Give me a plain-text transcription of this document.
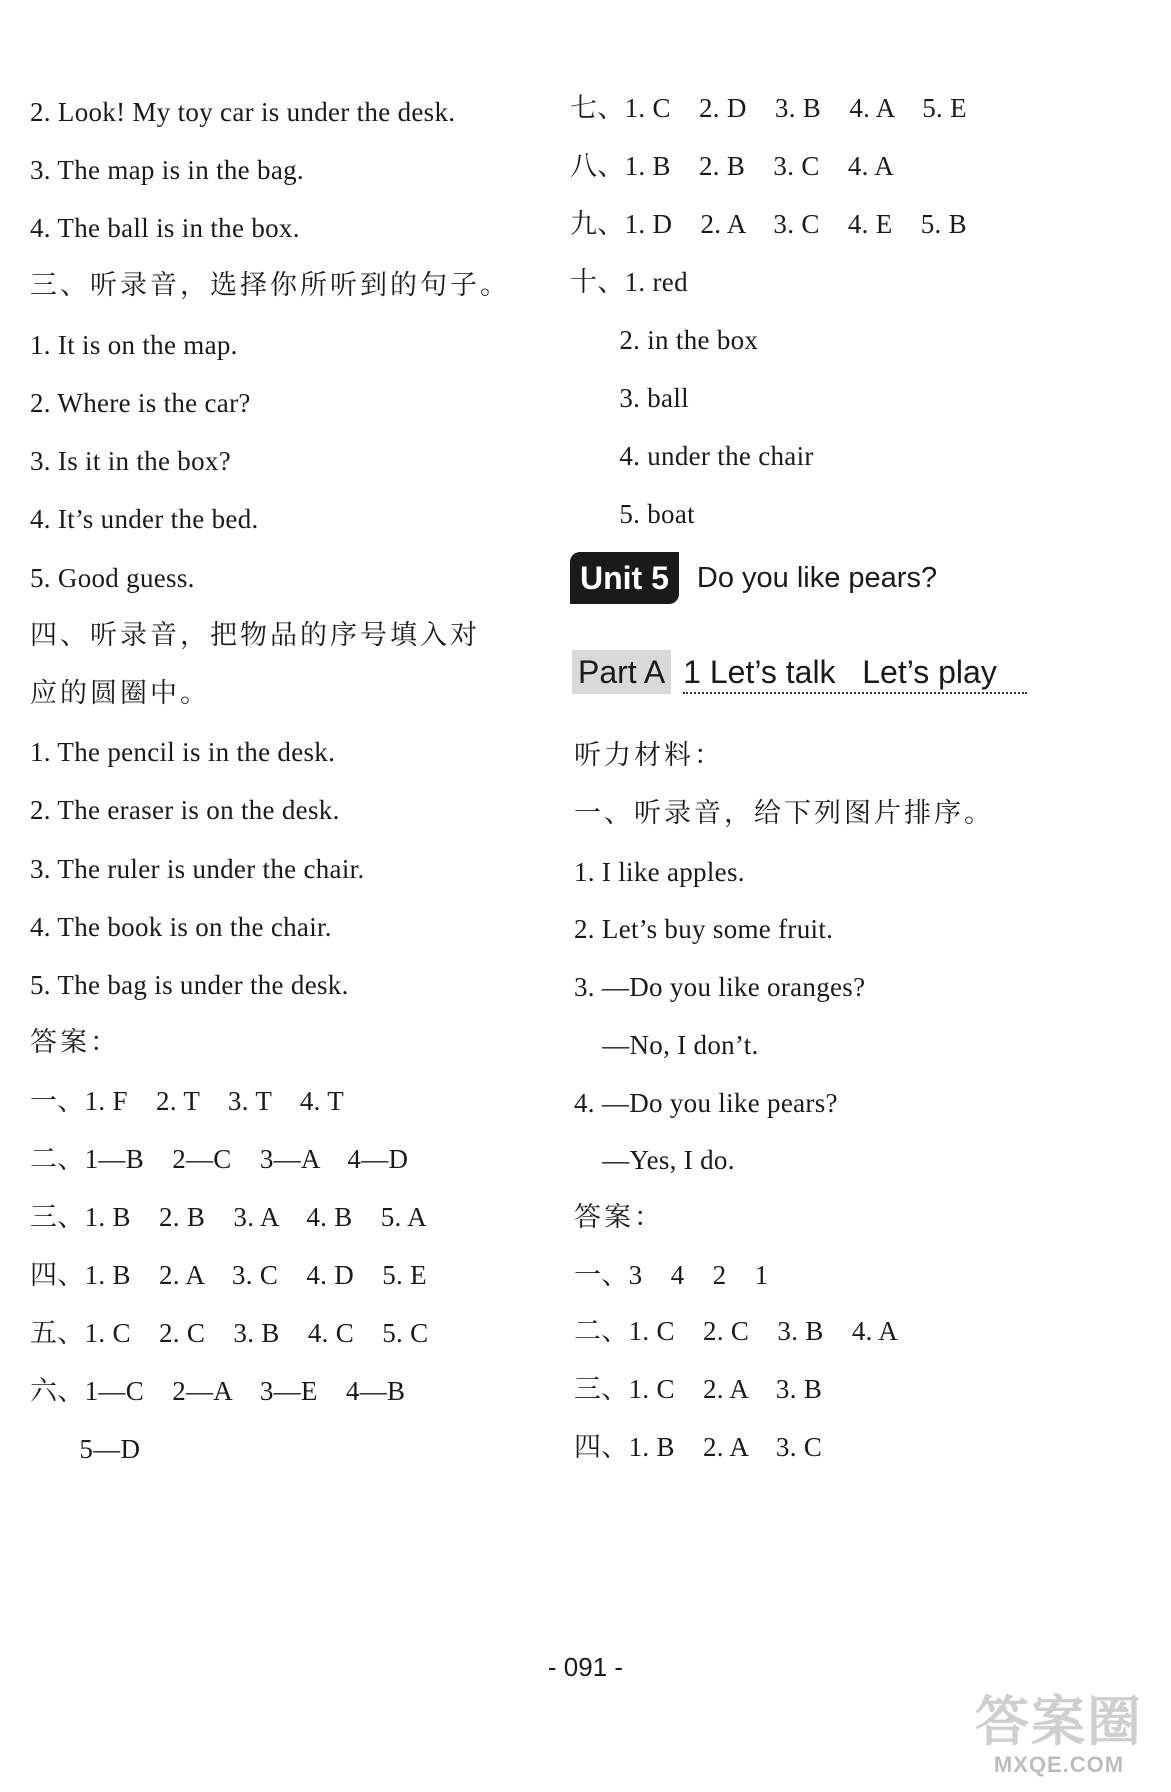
2. Look! My toy car is under the desk.
3. The map is in the bag.
4. The ball is in the box.
三、听录音，选择你所听到的句子。
1. It is on the map.
2. Where is the car?
3. Is it in the box?
4. It’s under the bed.
5. Good guess.
四、听录音，把物品的序号填入对
应的圆圈中。
1. The pencil is in the desk.
2. The eraser is on the desk.
3. The ruler is under the chair.
4. The book is on the chair.
5. The bag is under the desk.
答案：
一、1. F    2. T    3. T    4. T
二、1—B    2—C    3—A    4—D
三、1. B    2. B    3. A    4. B    5. A
四、1. B    2. A    3. C    4. D    5. E
五、1. C    2. C    3. B    4. C    5. C
六、1—C    2—A    3—E    4—B
5—D
七、1. C    2. D    3. B    4. A    5. E
八、1. B    2. B    3. C    4. A
九、1. D    2. A    3. C    4. E    5. B
十、1. red
2. in the box
3. ball
4. under the chair
5. boat
Unit 5 Do you like pears?
Part A 1 Let’s talk   Let’s play
听力材料：
一、听录音，给下列图片排序。
1. I like apples.
2. Let’s buy some fruit.
3. —Do you like oranges?
—No, I don’t.
4. —Do you like pears?
—Yes, I do.
答案：
一、3    4    2    1
二、1. C    2. C    3. B    4. A
三、1. C    2. A    3. B
四、1. B    2. A    3. C
- 091 -
答案圈
MXQE.COM
